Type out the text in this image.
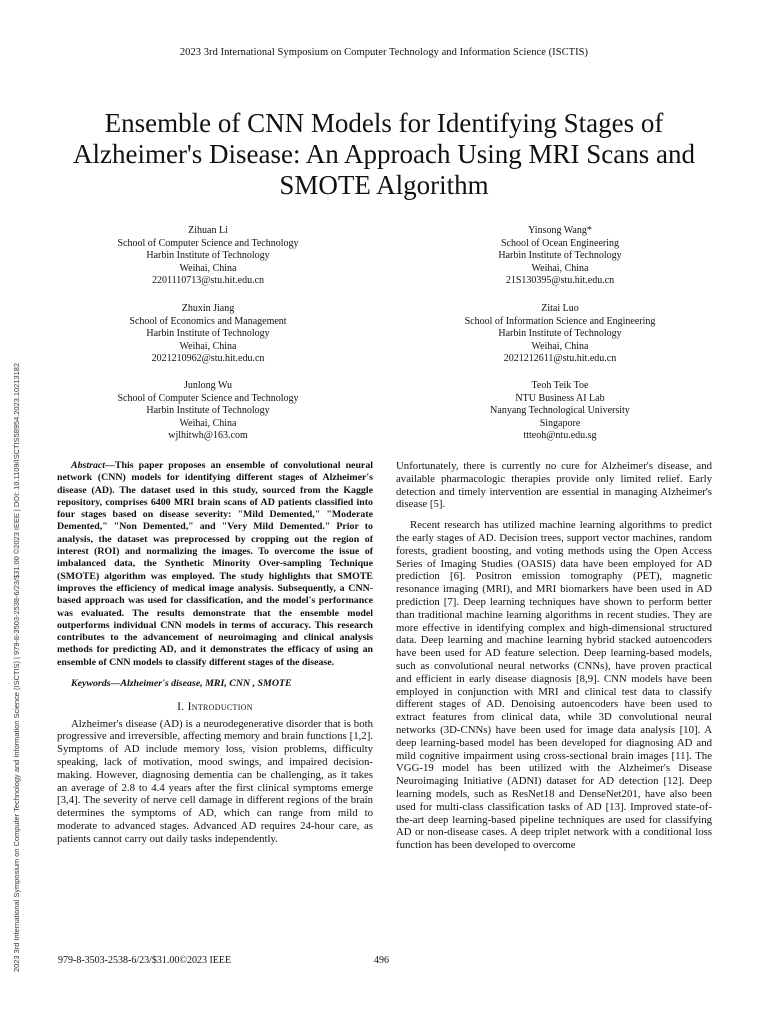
2023 3rd International Symposium on Computer Technology and Information Science (ISCTIS)
Ensemble of CNN Models for Identifying Stages of Alzheimer's Disease: An Approach Using MRI Scans and SMOTE Algorithm
2023 3rd International Symposium on Computer Technology and Information Science (ISCTIS) | 979-8-3503-2538-6/23/$31.00 ©2023 IEEE | DOI: 10.1109/ISCTIS58954.2023.10213182
Zihuan Li
School of Computer Science and Technology
Harbin Institute of Technology
Weihai, China
2201110713@stu.hit.edu.cn
Yinsong Wang*
School of Ocean Engineering
Harbin Institute of Technology
Weihai, China
21S130395@stu.hit.edu.cn
Zhuxin Jiang
School of Economics and Management
Harbin Institute of Technology
Weihai, China
2021210962@stu.hit.edu.cn
Zitai Luo
School of Information Science and Engineering
Harbin Institute of Technology
Weihai, China
2021212611@stu.hit.edu.cn
Junlong Wu
School of Computer Science and Technology
Harbin Institute of Technology
Weihai, China
wjlhitwh@163.com
Teoh Teik Toe
NTU Business AI Lab
Nanyang Technological University
Singapore
ttteoh@ntu.edu.sg

Abstract—This paper proposes an ensemble of convolutional neural network (CNN) models for identifying different stages of Alzheimer's disease (AD). The dataset used in this study, sourced from the Kaggle repository, comprises 6400 MRI brain scans of AD patients classified into four stages based on disease severity: "Mild Demented," "Moderate Demented," "Non Demented," and "Very Mild Demented." Prior to analysis, the dataset was preprocessed by cropping out the region of interest (ROI) and normalizing the images. To overcome the issue of imbalanced data, the Synthetic Minority Over-sampling Technique (SMOTE) algorithm was employed. The study highlights that SMOTE improves the efficiency of medical image analysis. Subsequently, a CNN-based approach was used for classification, and the model's performance was evaluated. The results demonstrate that the ensemble model outperforms individual CNN models in terms of accuracy. This research contributes to the advancement of neuroimaging and clinical analysis methods for predicting AD, and it demonstrates the efficacy of using an ensemble of CNN models to classify different stages of the disease.

Keywords—Alzheimer's disease, MRI, CNN , SMOTE

I. Introduction

Alzheimer's disease (AD) is a neurodegenerative disorder that is both progressive and irreversible, affecting memory and brain functions [1,2]. Symptoms of AD include memory loss, vision problems, difficulty speaking, lack of motivation, mood swings, and impaired decision-making. However, diagnosing dementia can be challenging, as it takes an average of 2.8 to 4.4 years after the first clinical symptoms emerge [3,4]. The severity of nerve cell damage in different regions of the brain determines the symptoms of AD, which can range from mild to moderate to advanced stages. Advanced AD requires 24-hour care, as patients cannot carry out daily tasks independently.

Unfortunately, there is currently no cure for Alzheimer's disease, and available pharmacologic therapies provide only limited relief. Early detection and timely intervention are essential in managing Alzheimer's disease [5].

Recent research has utilized machine learning algorithms to predict the early stages of AD. Decision trees, support vector machines, random forests, gradient boosting, and voting methods using the Open Access Series of Imaging Studies (OASIS) data have been employed for AD prediction [6]. Positron emission tomography (PET), magnetic resonance imaging (MRI), and MRI biomarkers have been used in AD prediction [7]. Deep learning techniques have shown to perform better than traditional machine learning algorithms in recent studies. They are more effective in identifying complex and high-dimensional structured data. Deep learning and machine learning hybrid stacked autoencoders have been used for AD feature selection. Deep learning-based models, such as convolutional neural networks (CNNs), have proven practical and efficient in early disease diagnosis [8,9]. CNN models have been employed in conjunction with MRI and clinical test data to classify different stages of AD. Denoising autoencoders have been used to extract features from clinical data, while 3D convolutional neural networks (3D-CNNs) have been used for image data analysis [10]. A deep learning-based model has been developed for diagnosing AD and mild cognitive impairment using cross-sectional brain images [11]. The VGG-19 model has been utilized with the Alzheimer's Disease Neuroimaging Initiative (ADNI) dataset for AD detection [12]. Deep learning models, such as ResNet18 and DenseNet201, have also been used for multi-class classification tasks of AD [13]. Improved state-of-the-art deep learning-based pipeline techniques are used for classifying AD or non-disease cases. A deep triplet network with a conditional loss function has been developed to overcome

979-8-3503-2538-6/23/$31.00©2023 IEEE	496
